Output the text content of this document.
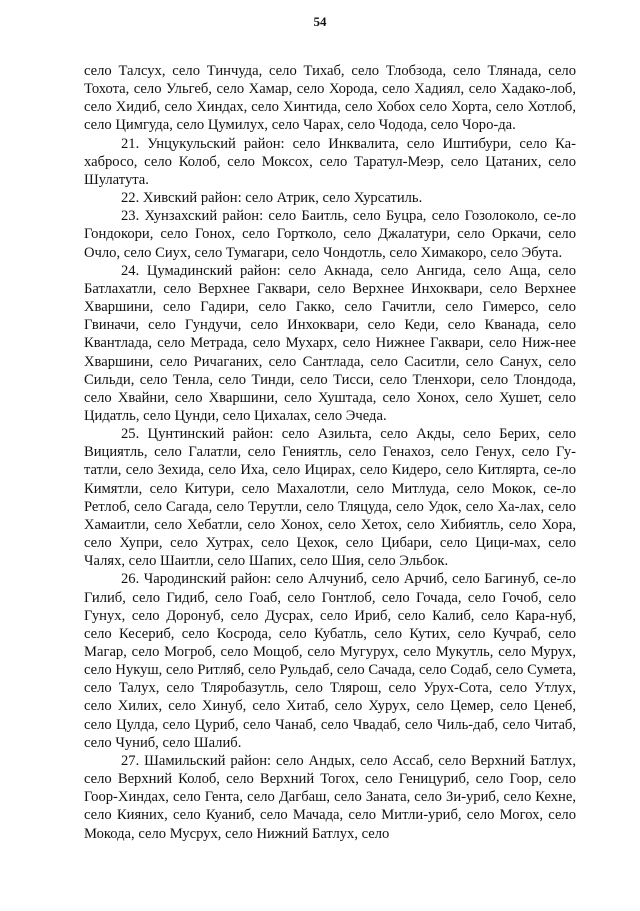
54

село Талсух, село Тинчуда, село Тихаб, село Тлобзода, село Тлянада, село Тохота, село Ульгеб, село Хамар, село Хорода, село Хадиял, село Хадако-лоб, село Хидиб, село Хиндах, село Хинтида, село Хобох село Хорта, село Хотлоб, село Цимгуда, село Цумилух, село Чарах, село Чодода, село Чоро-да.

21. Унцукульский район: село Инквалита, село Иштибури, село Ка-хабросо, село Колоб, село Моксох, село Таратул-Меэр, село Цатаних, село Шулатута.

22. Хивский район: село Атрик, село Хурсатиль.

23. Хунзахский район: село Баитль, село Буцра, село Гозолоколо, се-ло Гондокори, село Гонох, село Гортколо, село Джалатури, село Оркачи, село Очло, село Сиух, село Тумагари, село Чондотль, село Химакоро, село Эбута.

24. Цумадинский район: село Акнада, село Ангида, село Аща, село Батлахатли, село Верхнее Гаквари, село Верхнее Инхоквари, село Верхнее Хваршини, село Гадири, село Гакко, село Гачитли, село Гимерсо, село Гвиначи, село Гундучи, село Инхоквари, село Кеди, село Кванада, село Квантлада, село Метрада, село Мухарх, село Нижнее Гаквари, село Ниж-нее Хваршини, село Ричаганих, село Сантлада, село Саситли, село Санух, село Сильди, село Тенла, село Тинди, село Тисси, село Тленхори, село Тлондода, село Хвайни, село Хваршини, село Хуштада, село Хонох, село Хушет, село Цидатль, село Цунди, село Цихалах, село Эчеда.

25. Цунтинский район: село Азильта, село Акды, село Берих, село Вициятль, село Галатли, село Гениятль, село Генахоз, село Генух, село Гу-татли, село Зехида, село Иха, село Ицирах, село Кидеро, село Китлярта, се-ло Кимятли, село Китури, село Махалотли, село Митлуда, село Мокок, се-ло Ретлоб, село Сагада, село Терутли, село Тляцуда, село Удок, село Ха-лах, село Хамаитли, село Хебатли, село Хонох, село Хетох, село Хибиятль, село Хора, село Хупри, село Хутрах, село Цехок, село Цибари, село Цици-мах, село Чалях, село Шаитли, село Шапих, село Шия, село Эльбок.

26. Чародинский район: село Алчуниб, село Арчиб, село Багинуб, се-ло Гилиб, село Гидиб, село Гоаб, село Гонтлоб, село Гочада, село Гочоб, село Гунух, село Доронуб, село Дусрах, село Ириб, село Калиб, село Кара-нуб, село Кесериб, село Косрода, село Кубатль, село Кутих, село Кучраб, село Магар, село Могроб, село Мощоб, село Мугурух, село Мукутль, село Мурух, село Нукуш, село Ритляб, село Рульдаб, село Сачада, село Содаб, село Сумета, село Талух, село Тляробазутль, село Тлярош, село Урух-Сота, село Утлух, село Хилих, село Хинуб, село Хитаб, село Хурух, село Цемер, село Ценеб, село Цулда, село Цуриб, село Чанаб, село Чвадаб, село Чиль-даб, село Читаб, село Чуниб, село Шалиб.

27. Шамильский район: село Андых, село Ассаб, село Верхний Батлух, село Верхний Колоб, село Верхний Тогох, село Геницуриб, село Гоор, село Гоор-Хиндах, село Гента, село Дагбаш, село Заната, село Зи-уриб, село Кехне, село Кияних, село Куаниб, село Мачада, село Митли-уриб, село Могох, село Мокода, село Мусрух, село Нижний Батлух, село
